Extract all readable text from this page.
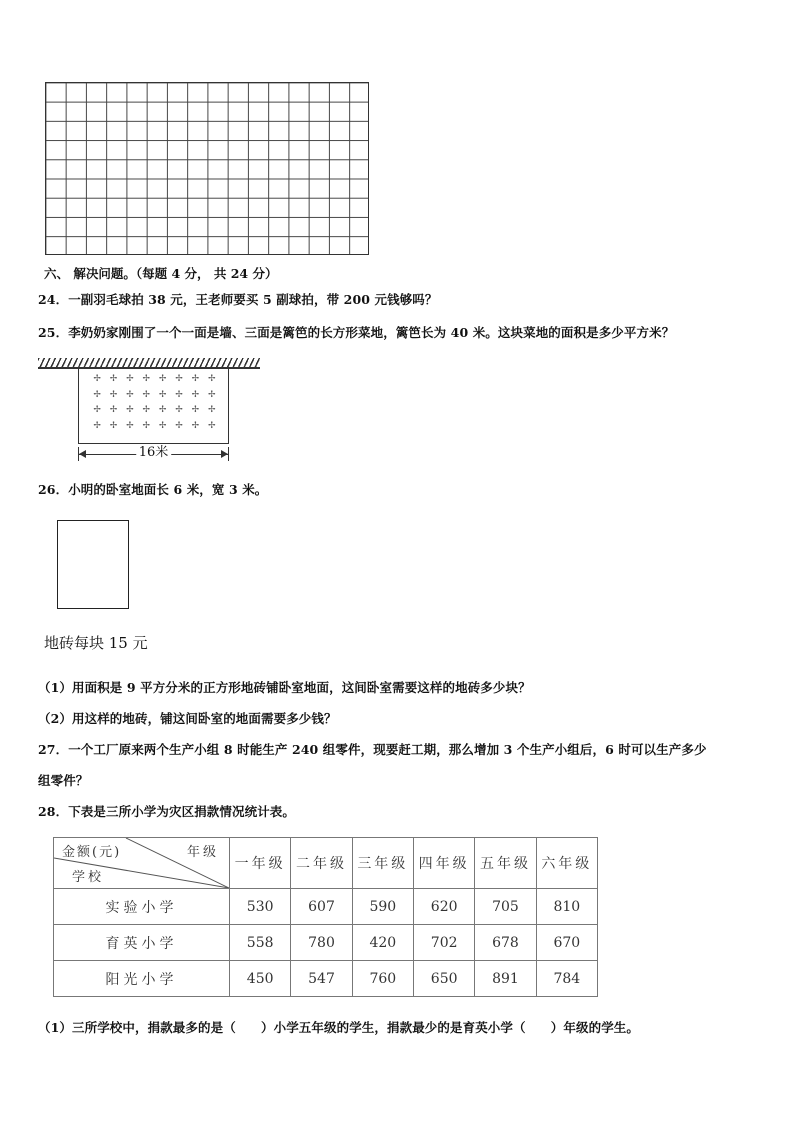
六、 解决问题。（每题 4 分， 共 24 分）
24．一副羽毛球拍 38 元，王老师要买 5 副球拍，带 200 元钱够吗？
25．李奶奶家刚围了一个一面是墙、三面是篱笆的长方形菜地，篱笆长为 40 米。这块菜地的面积是多少平方米？
✢ ✢ ✢ ✢ ✢ ✢ ✢ ✢
✢ ✢ ✢ ✢ ✢ ✢ ✢ ✢
✢ ✢ ✢ ✢ ✢ ✢ ✢ ✢
✢ ✢ ✢ ✢ ✢ ✢ ✢ ✢
16米
26．小明的卧室地面长 6 米，宽 3 米。
地砖每块 15 元
（1）用面积是 9 平方分米的正方形地砖铺卧室地面，这间卧室需要这样的地砖多少块？
（2）用这样的地砖，铺这间卧室的地面需要多少钱？
27．一个工厂原来两个生产小组 8 时能生产 240 组零件，现要赶工期，那么增加 3 个生产小组后，6 时可以生产多少
组零件？
28．下表是三所小学为灾区捐款情况统计表。
金额(元) 年级
学校	一年级	二年级	三年级	四年级	五年级	六年级
实验小学	530	607	590	620	705	810
育英小学	558	780	420	702	678	670
阳光小学	450	547	760	650	891	784
（1）三所学校中，捐款最多的是（　　）小学五年级的学生，捐款最少的是育英小学（　　）年级的学生。
